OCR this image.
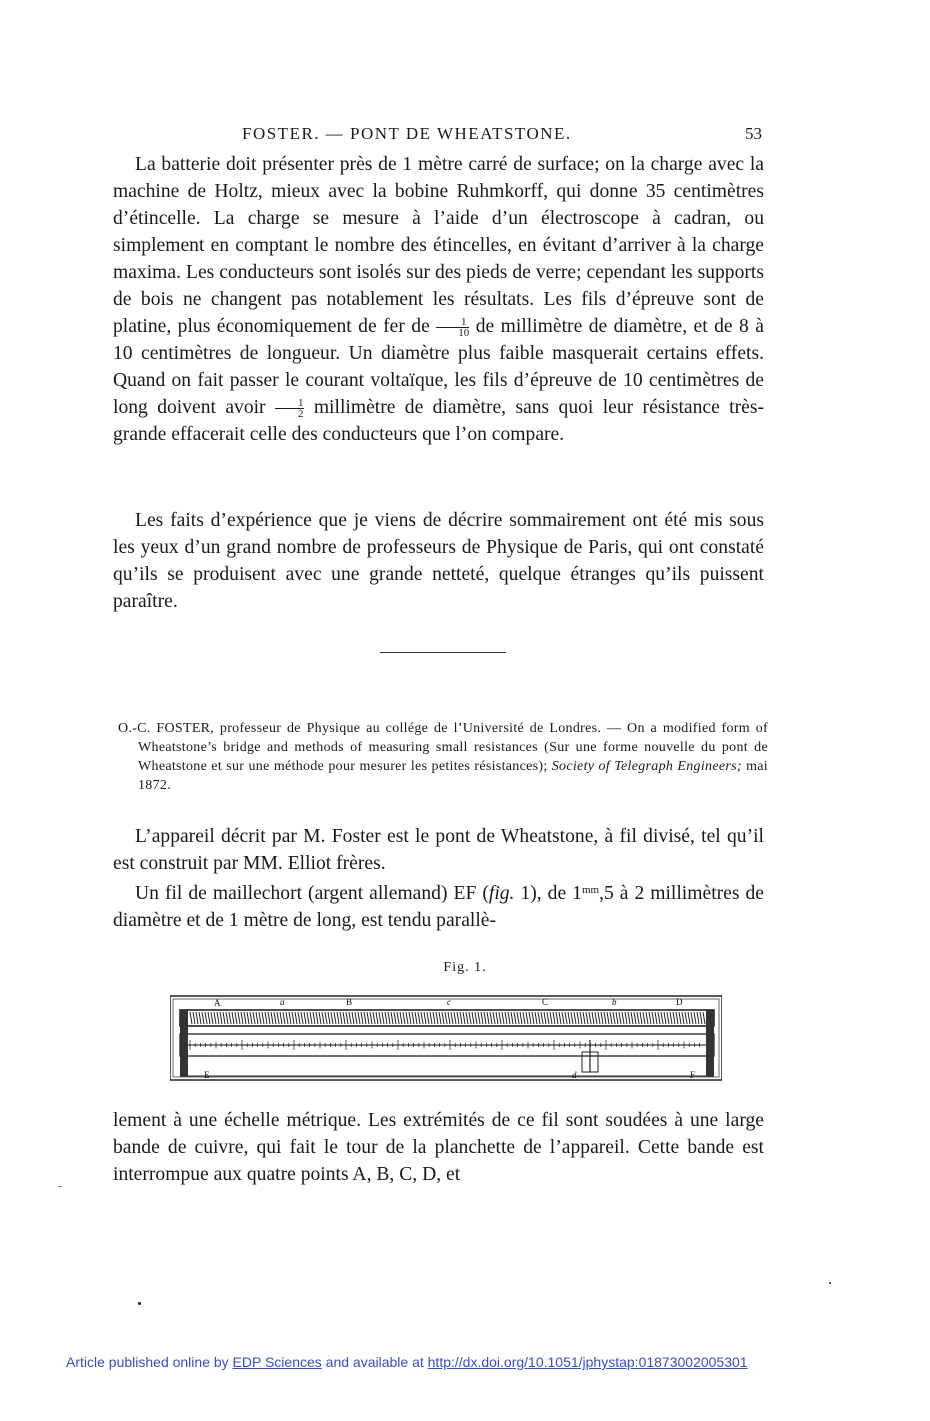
FOSTER. — PONT DE WHEATSTONE.	53

La batterie doit présenter près de 1 mètre carré de surface; on la charge avec la machine de Holtz, mieux avec la bobine Ruhmkorff, qui donne 35 centimètres d’étincelle. La charge se mesure à l’aide d’un électroscope à cadran, ou simplement en comptant le nombre des étincelles, en évitant d’arriver à la charge maxima. Les conducteurs sont isolés sur des pieds de verre; cependant les supports de bois ne changent pas notablement les résultats. Les fils d’épreuve sont de platine, plus économiquement de fer de $\frac{1}{10}$ de millimètre de diamètre, et de 8 à 10 centimètres de longueur. Un diamètre plus faible masquerait certains effets. Quand on fait passer le courant voltaïque, les fils d’épreuve de 10 centimètres de long doivent avoir $\frac{1}{2}$ millimètre de diamètre, sans quoi leur résistance très-grande effacerait celle des conducteurs que l’on compare.

Les faits d’expérience que je viens de décrire sommairement ont été mis sous les yeux d’un grand nombre de professeurs de Physique de Paris, qui ont constaté qu’ils se produisent avec une grande netteté, quelque étranges qu’ils puissent paraître.

O.-C. FOSTER, professeur de Physique au collége de l’Université de Londres. — On a modified form of Wheatstone’s bridge and methods of measuring small resistances (Sur une forme nouvelle du pont de Wheatstone et sur une méthode pour mesurer les petites résistances); Society of Telegraph Engineers; mai 1872.

L’appareil décrit par M. Foster est le pont de Wheatstone, à fil divisé, tel qu’il est construit par MM. Elliot frères.

Un fil de maillechort (argent allemand) EF (fig. 1), de $1^{mm},5$ à 2 millimètres de diamètre et de 1 mètre de long, est tendu parallè-

Fig. 1.
A	a	B	c	C	b	D
E	d	F

lement à une échelle métrique. Les extrémités de ce fil sont soudées à une large bande de cuivre, qui fait le tour de la planchette de l’appareil. Cette bande est interrompue aux quatre points A, B, C, D, et

Article published online by EDP Sciences and available at http://dx.doi.org/10.1051/jphystap:01873002005301
